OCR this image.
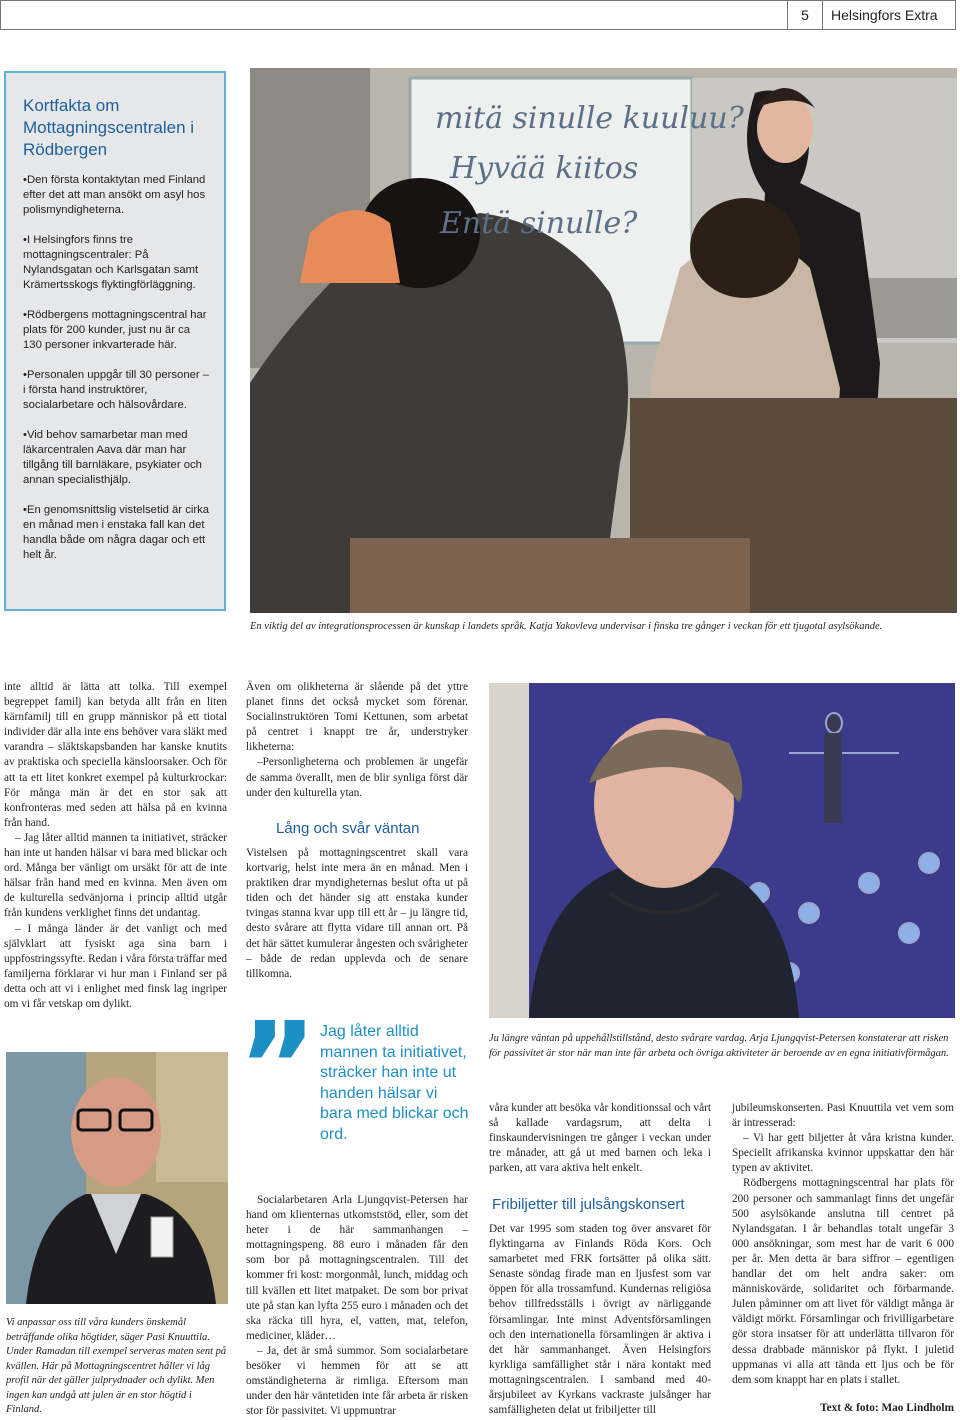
5	Helsingfors Extra
Kortfakta om Mottagningscentralen i Rödbergen
• Den första kontaktytan med Finland efter det att man ansökt om asyl hos polismyndigheterna.
• I Helsingfors finns tre mottagningscentraler: På Nylandsgatan och Karlsgatan samt Krämertsskogs flyktingförläggning.
• Rödbergens mottagningscentral har plats för 200 kunder, just nu är ca 130 personer inkvarterade här.
• Personalen uppgår till 30 personer – i första hand instruktörer, socialarbetare och hälsovårdare.
• Vid behov samarbetar man med läkarcentralen Aava där man har tillgång till barnläkare, psykiater och annan specialisthjälp.
• En genomsnittslig vistelsetid är cirka en månad men i enstaka fall kan det handla både om några dagar och ett helt år.
mitä sinulle kuuluu?
Hyvää kiitos
Entä sinulle?
En viktig del av integrationsprocessen är kunskap i landets språk. Katja Yakovleva undervisar i finska tre gånger i veckan för ett tjugotal asylsökande.

inte alltid är lätta att tolka. Till exempel begreppet familj kan betyda allt från en liten kärnfamilj till en grupp människor på ett tiotal individer där alla inte ens behöver vara släkt med varandra – släktskapsbanden har kanske knutits av praktiska och speciella känsloorsaker. Och för att ta ett litet konkret exempel på kulturkrockar: För många män är det en stor sak att konfronteras med seden att hälsa på en kvinna från hand.

– Jag låter alltid mannen ta initiativet, sträcker han inte ut handen hälsar vi bara med blickar och ord. Många ber vänligt om ursäkt för att de inte hälsar från hand med en kvinna. Men även om de kulturella sedvänjorna i princip alltid utgår från kundens verklighet finns det undantag.

– I många länder är det vanligt och med självklart att fysiskt aga sina barn i uppfostringssyfte. Redan i våra första träffar med familjerna förklarar vi hur man i Finland ser på detta och att vi i enlighet med finsk lag ingriper om vi får vetskap om dylikt.

Vi anpassar oss till våra kunders önskemål beträffande olika högtider, säger Pasi Knuuttila. Under Ramadan till exempel serveras maten sent på kvällen. Här på Mottagningscentret håller vi låg profil när det gäller julprydnader och dylikt. Men ingen kan undgå att julen är en stor högtid i Finland.

Även om olikheterna är slående på det yttre planet finns det också mycket som förenar. Socialinstruktören Tomi Kettunen, som arbetat på centret i knappt tre år, understryker likheterna:

–Personligheterna och problemen är ungefär de samma överallt, men de blir synliga först där under den kulturella ytan.

Lång och svår väntan

Vistelsen på mottagningscentret skall vara kortvarig, helst inte mera än en månad. Men i praktiken drar myndigheternas beslut ofta ut på tiden och det händer sig att enstaka kunder tvingas stanna kvar upp till ett år – ju längre tid, desto svårare att flytta vidare till annan ort. På det här sättet kumulerar ångesten och svårigheter – både de redan upplevda och de senare tillkomna.

” Jag låter alltid mannen ta initiativet, sträcker han inte ut handen hälsar vi bara med blickar och ord.

Socialarbetaren Arla Ljungqvist-Petersen har hand om klienternas utkomststöd, eller, som det heter i de här sammanhangen – mottagningspeng. 88 euro i månaden får den som bor på mottagningscentralen. Till det kommer fri kost: morgonmål, lunch, middag och till kvällen ett litet matpaket. De som bor privat ute på stan kan lyfta 255 euro i månaden och det ska räcka till hyra, el, vatten, mat, telefon, mediciner, kläder…

– Ja, det är små summor. Som socialarbetare besöker vi hemmen för att se att omständigheterna är rimliga. Eftersom man under den här väntetiden inte får arbeta är risken stor för passivitet. Vi uppmuntrar

Ju längre väntan på uppehållstillstånd, desto svårare vardag. Arja Ljungqvist-Petersen konstaterar att risken för passivitet är stor när man inte får arbeta och övriga aktiviteter är beroende av en egna initiativförmågan.

våra kunder att besöka vår konditionssal och vårt så kallade vardagsrum, att delta i finskaundervisningen tre gånger i veckan under tre månader, att gå ut med barnen och leka i parken, att vara aktiva helt enkelt.

Fribiljetter till julsångskonsert

Det var 1995 som staden tog över ansvaret för flyktingarna av Finlands Röda Kors. Och samarbetet med FRK fortsätter på olika sätt. Senaste söndag firade man en ljusfest som var öppen för alla trossamfund. Kundernas religiösa behov tillfredsställs i övrigt av närliggande församlingar. Inte minst Adventsförsamlingen och den internationella församlingen är aktiva i det här sammanhanget. Även Helsingfors kyrkliga samfällighet står i nära kontakt med mottagningscentralen. I samband med 40-årsjubileet av Kyrkans vackraste julsånger har samfälligheten delat ut fribiljetter till

jubileumskonserten. Pasi Knuuttila vet vem som är intresserad:

– Vi har gett biljetter åt våra kristna kunder. Speciellt afrikanska kvinnor uppskattar den här typen av aktivitet.

Rödbergens mottagningscentral har plats för 200 personer och sammanlagt finns det ungefär 500 asylsökande anslutna till centret på Nylandsgatan. I år behandlas totalt ungefär 3 000 ansökningar, som mest har de varit 6 000 per år. Men detta är bara siffror – egentligen handlar det om helt andra saker: om människovärde, solidaritet och förbarmande. Julen påminner om att livet för väldigt många är väldigt mörkt. Församlingar och frivilligarbetare gör stora insatser för att underlätta tillvaron för dessa drabbade människor på flykt. I juletid uppmanas vi alla att tända ett ljus och be för dem som knappt har en plats i stallet.

Text & foto: Mao Lindholm
